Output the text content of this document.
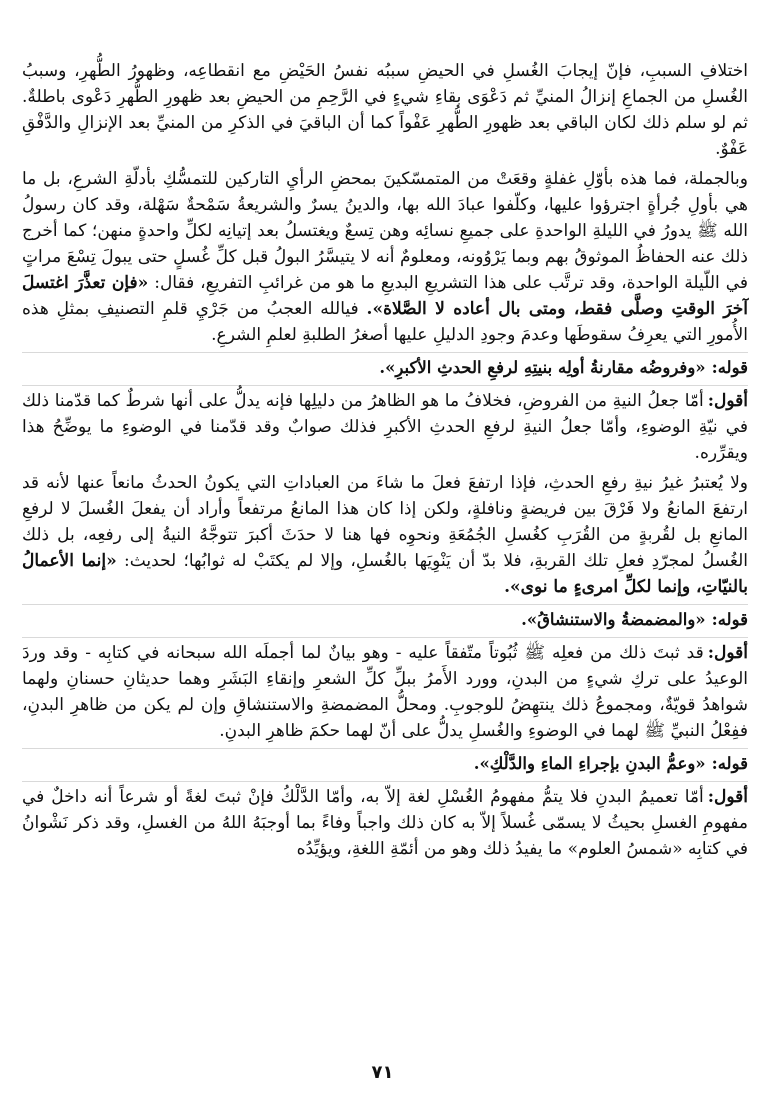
اختلافِ السببِ، فإنّ إيجابَ الغُسلِ في الحيضِ سببُه نفسُ الحَيْضِ مع انقطاعِه، وظهورُ الطُّهرِ، وسببُ الغُسلِ من الجماعِ إنزالُ المنيِّ ثم دَعْوَى بقاءِ شيءٍ في الرَّحِمِ من الحيضِ بعد ظهورِ الطُّهرِ دَعْوى باطلةٌ. ثم لو سلم ذلك لكان الباقي بعد ظهورِ الطُّهرِ عَفْواً كما أن الباقيَ في الذكرِ من المنيِّ بعد الإنزالِ والدَّفْقِ عَفْوٌ.

وبالجملة، فما هذه بأوّلِ غفلةٍ وقعَتْ من المتمسّكينَ بمحضِ الرأيِ التاركين للتمسُّكِ بأدلّةِ الشرعِ، بل ما هي بأولِ جُرأةٍ اجترؤوا عليها، وكلّفوا عبادَ الله بها، والدينُ يسرٌ والشريعةُ سَمْحةٌ سَهْلة، وقد كان رسولُ الله ﷺ يدورُ في الليلةِ الواحدةِ على جميعِ نسائِه وهن تِسعٌ ويغتسلُ بعد إتيانِه لكلِّ واحدةٍ منهن؛ كما أخرج ذلك عنه الحفاظُ الموثوقُ بهم وبما يَرْوُونه، ومعلومٌ أنه لا يتيسَّرُ البولُ قبل كلِّ غُسلٍ حتى يبولَ تِسْعَ مراتٍ في اللّيلة الواحدة، وقد ترتَّب على هذا التشريعِ البديعِ ما هو من غرائبِ التفريعِ، فقال: «فإن تعذَّرَ اغتسلَ آخرَ الوقتِ وصلَّى فقط، ومتى بال أعاده لا الصَّلاة». فيالله العجبُ من جَرْيِ قلمِ التصنيفِ بمثلِ هذه الأُمورِ التي يعرِفُ سقوطَها وعدمَ وجودِ الدليلِ عليها أصغرُ الطلبةِ لعلمِ الشرعِ.

قوله:«وفروضُه مقارنةُ أولِه بنيتِهِ لرفعِ الحدثِ الأكبرِ».

أقول:أمّا جعلُ النيةِ من الفروضِ، فخلافُ ما هو الظاهرُ من دليلِها فإنه يدلُّ على أنها شرطٌ كما قدّمنا ذلك في نيّةِ الوضوءِ، وأمّا جعلُ النيةِ لرفعِ الحدثِ الأكبرِ فذلك صوابٌ وقد قدّمنا في الوضوءِ ما يوضِّحُ هذا ويقرِّره.

ولا يُعتبرُ غيرُ نيةِ رفعِ الحدثِ، فإذا ارتفعَ فعلَ ما شاءَ من العباداتِ التي يكونُ الحدثُ مانعاً عنها لأنه قد ارتفعَ المانعُ ولا فَرْقَ بين فريضةٍ ونافلةٍ، ولكن إذا كان هذا المانعُ مرتفعاً وأراد أن يفعلَ الغُسلَ لا لرفعِ المانعِ بل لقُربةٍ من القُرَبِ كغُسلِ الجُمُعَةِ ونحوِه فها هنا لا حدَثَ أكبرَ تتوجَّهُ النيةُ إلى رفعِه، بل ذلك الغُسلُ لمجرّدِ فعلِ تلك القربةِ، فلا بدّ أن يَنْوِيَها بالغُسلِ، وإلا لم يكتَبْ له ثوابُها؛ لحديث: «إنما الأعمالُ بالنيّاتِ، وإنما لكلِّ امرىءٍ ما نوى».

قوله:«والمضمضةُ والاستنشاقُ».

أقول:قد ثبتَ ذلك من فعلِه ﷺ ثُبُوتاً متّفقاً عليه - وهو بيانٌ لما أجملَه الله سبحانه في كتابِه - وقد وردَ الوعيدُ على تركِ شيءٍ من البدنِ، وورد الأَمرُ ببلِّ كلِّ الشعرِ وإنقاءِ البَشَرِ وهما حديثانِ حسنانِ ولهما شواهدُ قويّةٌ، ومجموعُ ذلك ينتهِضُ للوجوبِ. ومحلُّ المضمضةِ والاستنشاقِ وإن لم يكن من ظاهرِ البدنِ، ففِعْلُ النبيِّ ﷺ لهما في الوضوءِ والغُسلِ يدلُّ على أنّ لهما حكمَ ظاهرِ البدنِ.

قوله:«وعمُّ البدنِ بإجراءِ الماءِ والدَّلْكِ».

أقول:أمّا تعميمُ البدنِ فلا يتمُّ مفهومُ الغُسْلِ لغة إلاّ به، وأمّا الدَّلْكُ فإنْ ثبتَ لغةً أو شرعاً أنه داخلٌ في مفهومِ الغسلِ بحيثُ لا يسمّى غُسلاً إلاّ به كان ذلك واجباً وفاءً بما أوجبَهُ اللهُ من الغسلِ، وقد ذكر نَشْوانُ في كتابِه «شمسُ العلوم» ما يفيدُ ذلك وهو من أئمّةِ اللغةِ، ويؤيِّدُه

٧١
